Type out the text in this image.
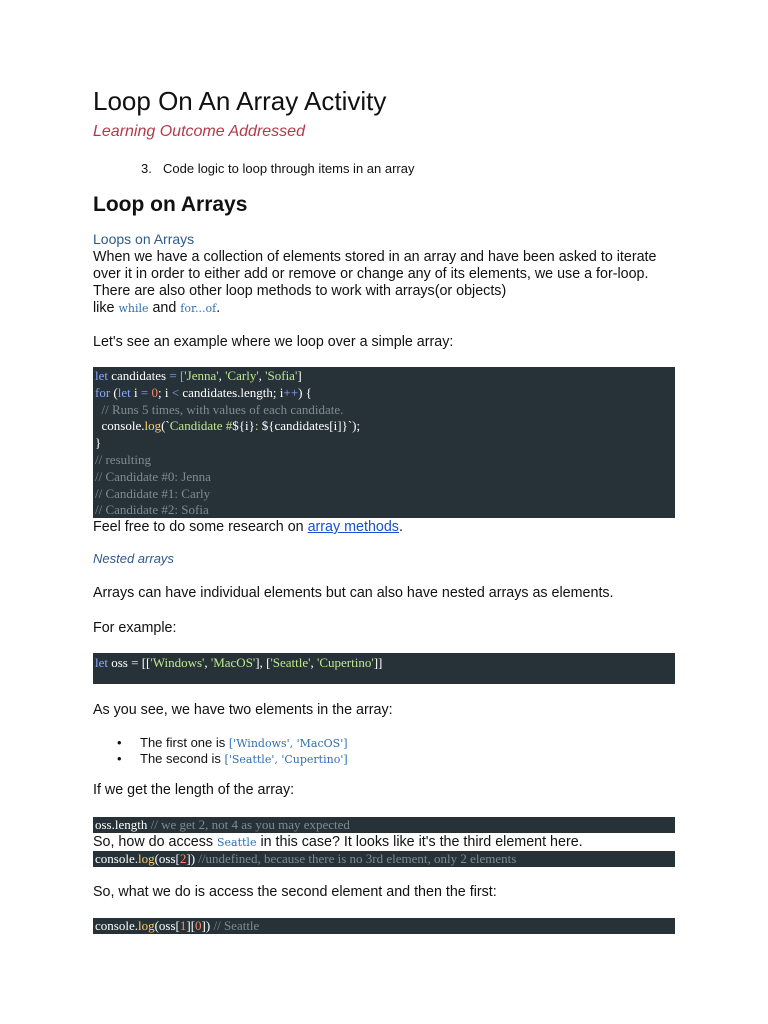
Loop On An Array Activity
Learning Outcome Addressed
3. Code logic to loop through items in an array
Loop on Arrays
Loops on Arrays
When we have a collection of elements stored in an array and have been asked to iterate over it in order to either add or remove or change any of its elements, we use a for-loop. There are also other loop methods to work with arrays(or objects)
like while and for...of.
Let's see an example where we loop over a simple array:
let candidates = ['Jenna', 'Carly', 'Sofia']
for (let i = 0; i < candidates.length; i++) {
// Runs 5 times, with values of each candidate.
console.log(`Candidate #${i}: ${candidates[i]}`);
}
// resulting
// Candidate #0: Jenna
// Candidate #1: Carly
// Candidate #2: Sofia
Feel free to do some research on array methods.
Nested arrays
Arrays can have individual elements but can also have nested arrays as elements.
For example:
let oss = [['Windows', 'MacOS'], ['Seattle', 'Cupertino']]
As you see, we have two elements in the array:
• The first one is ['Windows', 'MacOS']
• The second is ['Seattle', 'Cupertino']
If we get the length of the array:
oss.length // we get 2, not 4 as you may expected
So, how do access Seattle in this case? It looks like it's the third element here.
console.log(oss[2]) //undefined, because there is no 3rd element, only 2 elements
So, what we do is access the second element and then the first:
console.log(oss[1][0]) // Seattle
